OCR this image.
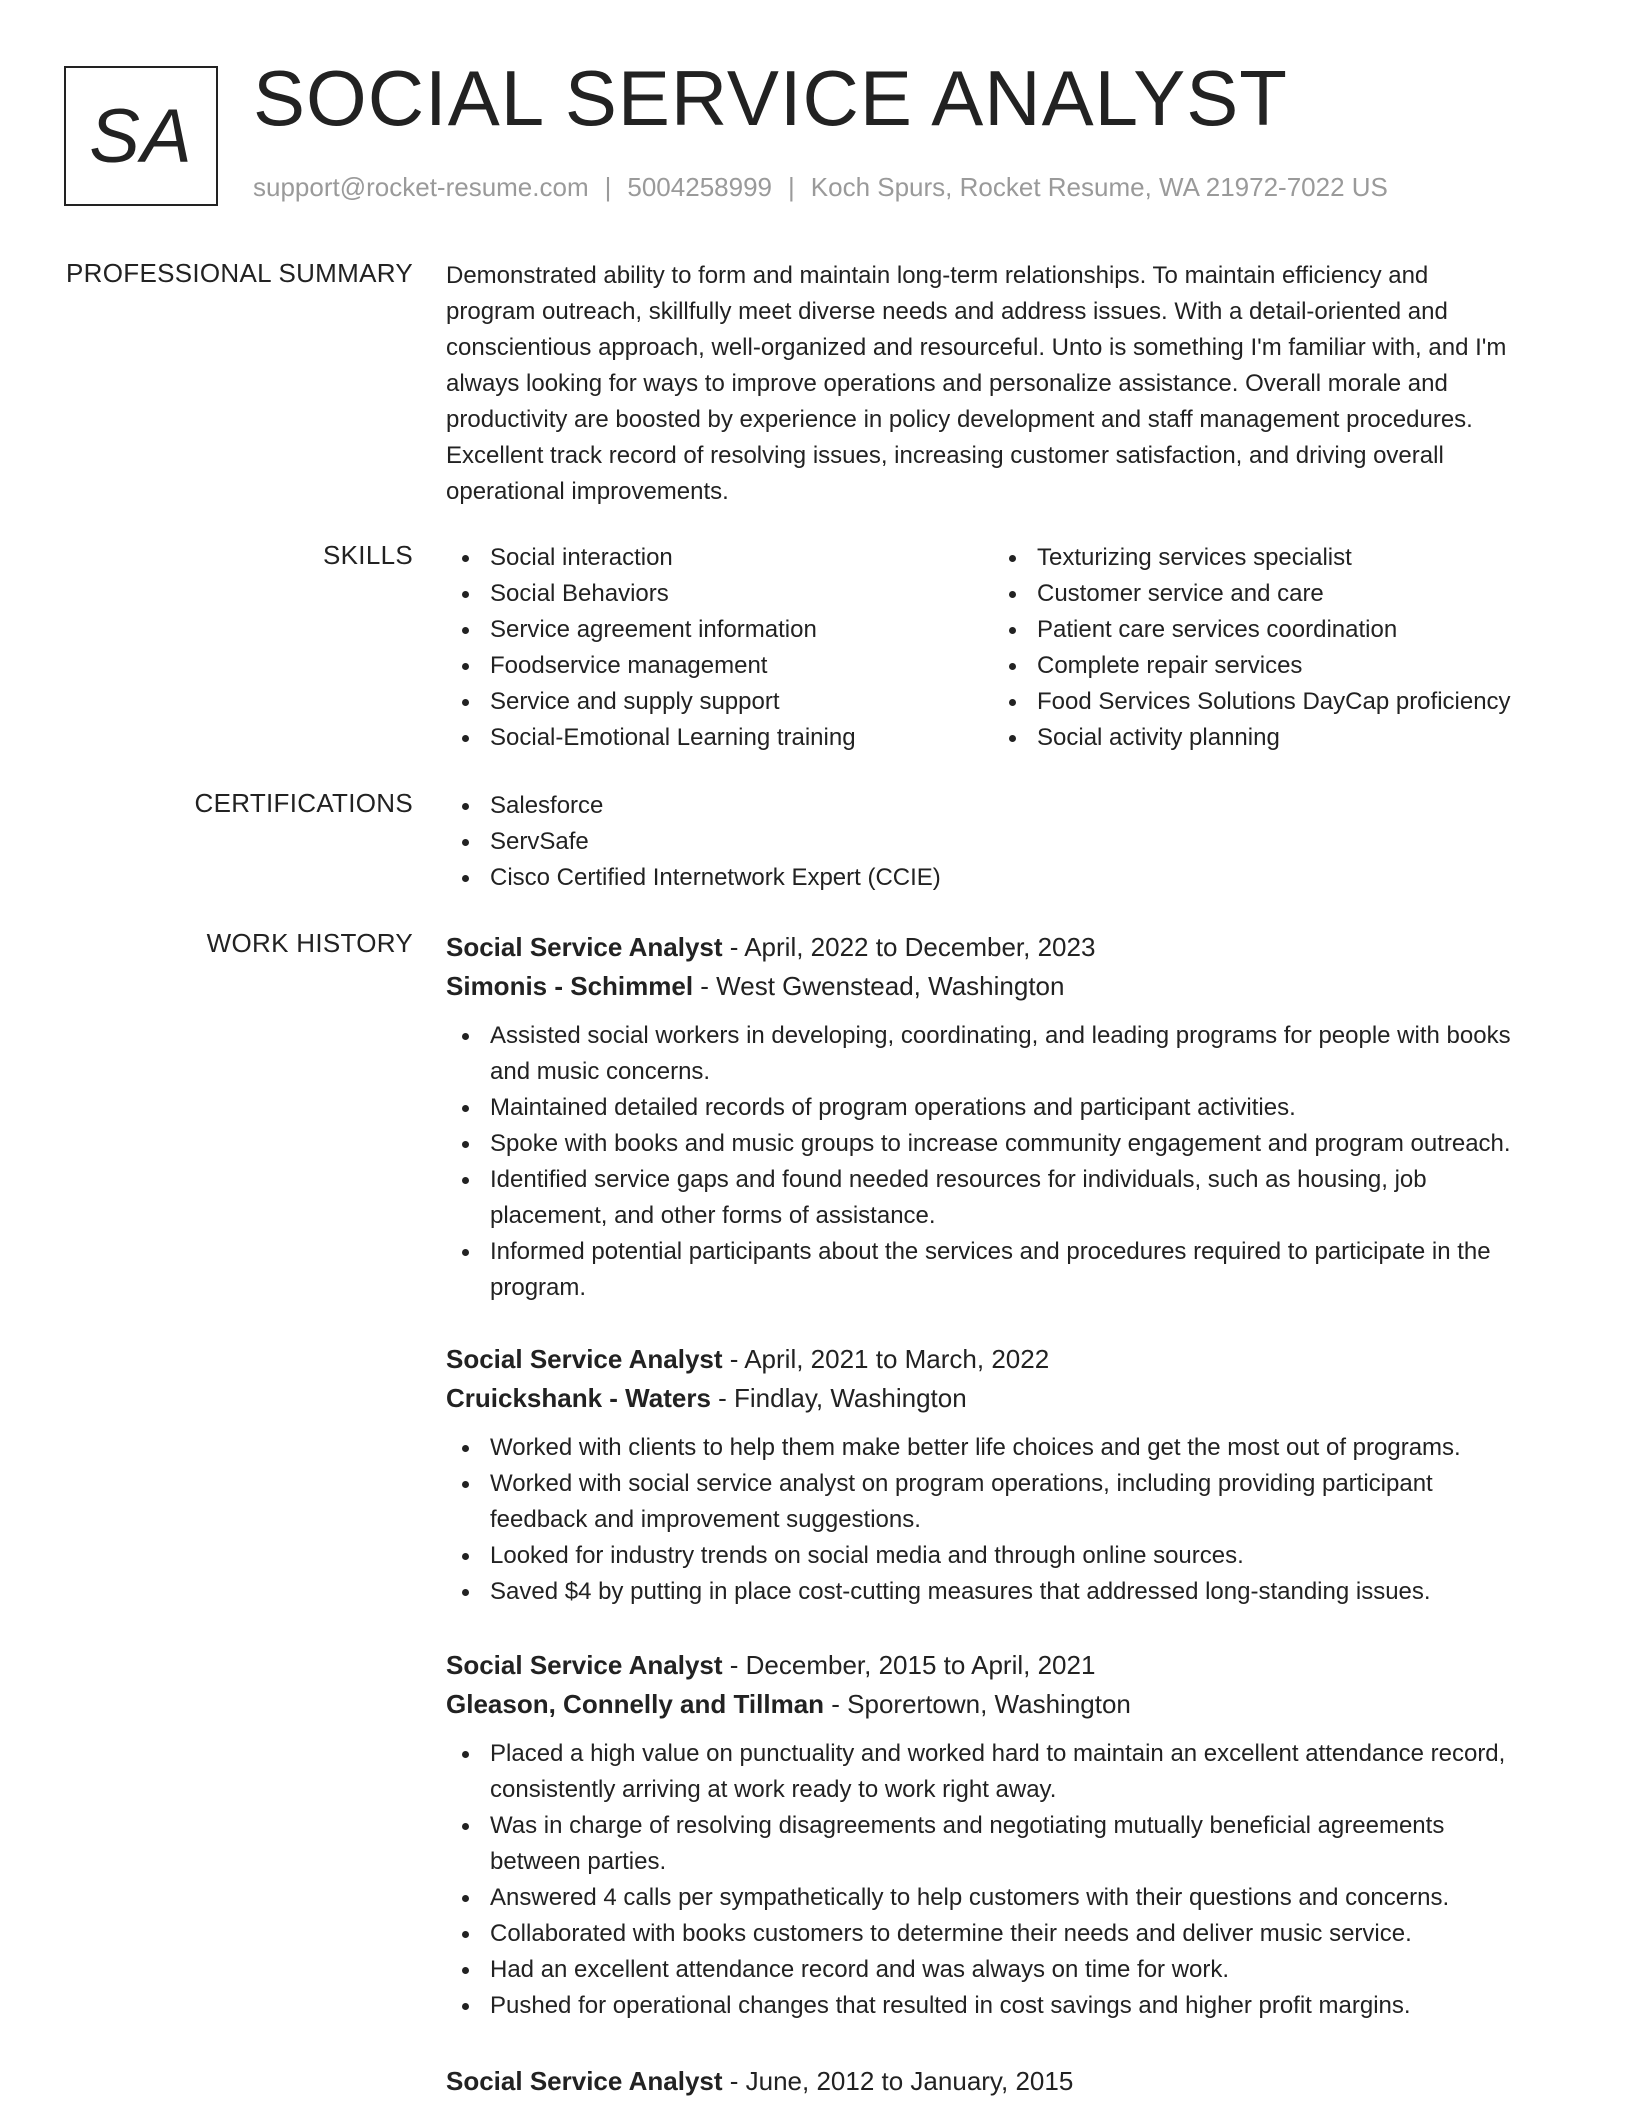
SA SOCIAL SERVICE ANALYST
support@rocket-resume.com | 5004258999 | Koch Spurs, Rocket Resume, WA 21972-7022 US
PROFESSIONAL SUMMARY Demonstrated ability to form and maintain long-term relationships. To maintain efficiency and
program outreach, skillfully meet diverse needs and address issues. With a detail-oriented and
conscientious approach, well-organized and resourceful. Unto is something I'm familiar with, and I'm
always looking for ways to improve operations and personalize assistance. Overall morale and
productivity are boosted by experience in policy development and staff management procedures.
Excellent track record of resolving issues, increasing customer satisfaction, and driving overall
operational improvements.
SKILLS	Social interaction
Social Behaviors
Service agreement information
Foodservice management
Service and supply support
Social-Emotional Learning training
Texturizing services specialist
Customer service and care
Patient care services coordination
Complete repair services
Food Services Solutions DayCap proficiency
Social activity planning
CERTIFICATIONS	Salesforce
ServSafe
Cisco Certified Internetwork Expert (CCIE)
WORK HISTORY Social Service Analyst - April, 2022 to December, 2023
Simonis - Schimmel - West Gwenstead, Washington
Assisted social workers in developing, coordinating, and leading programs for people with books
and music concerns.
Maintained detailed records of program operations and participant activities.
Spoke with books and music groups to increase community engagement and program outreach.
Identified service gaps and found needed resources for individuals, such as housing, job
placement, and other forms of assistance.
Informed potential participants about the services and procedures required to participate in the
program.
Social Service Analyst - April, 2021 to March, 2022
Cruickshank - Waters - Findlay, Washington
Worked with clients to help them make better life choices and get the most out of programs.
Worked with social service analyst on program operations, including providing participant
feedback and improvement suggestions.
Looked for industry trends on social media and through online sources.
Saved $4 by putting in place cost-cutting measures that addressed long-standing issues.
Social Service Analyst - December, 2015 to April, 2021
Gleason, Connelly and Tillman - Sporertown, Washington
Placed a high value on punctuality and worked hard to maintain an excellent attendance record,
consistently arriving at work ready to work right away.
Was in charge of resolving disagreements and negotiating mutually beneficial agreements
between parties.
Answered 4 calls per sympathetically to help customers with their questions and concerns.
Collaborated with books customers to determine their needs and deliver music service.
Had an excellent attendance record and was always on time for work.
Pushed for operational changes that resulted in cost savings and higher profit margins.
Social Service Analyst - June, 2012 to January, 2015
